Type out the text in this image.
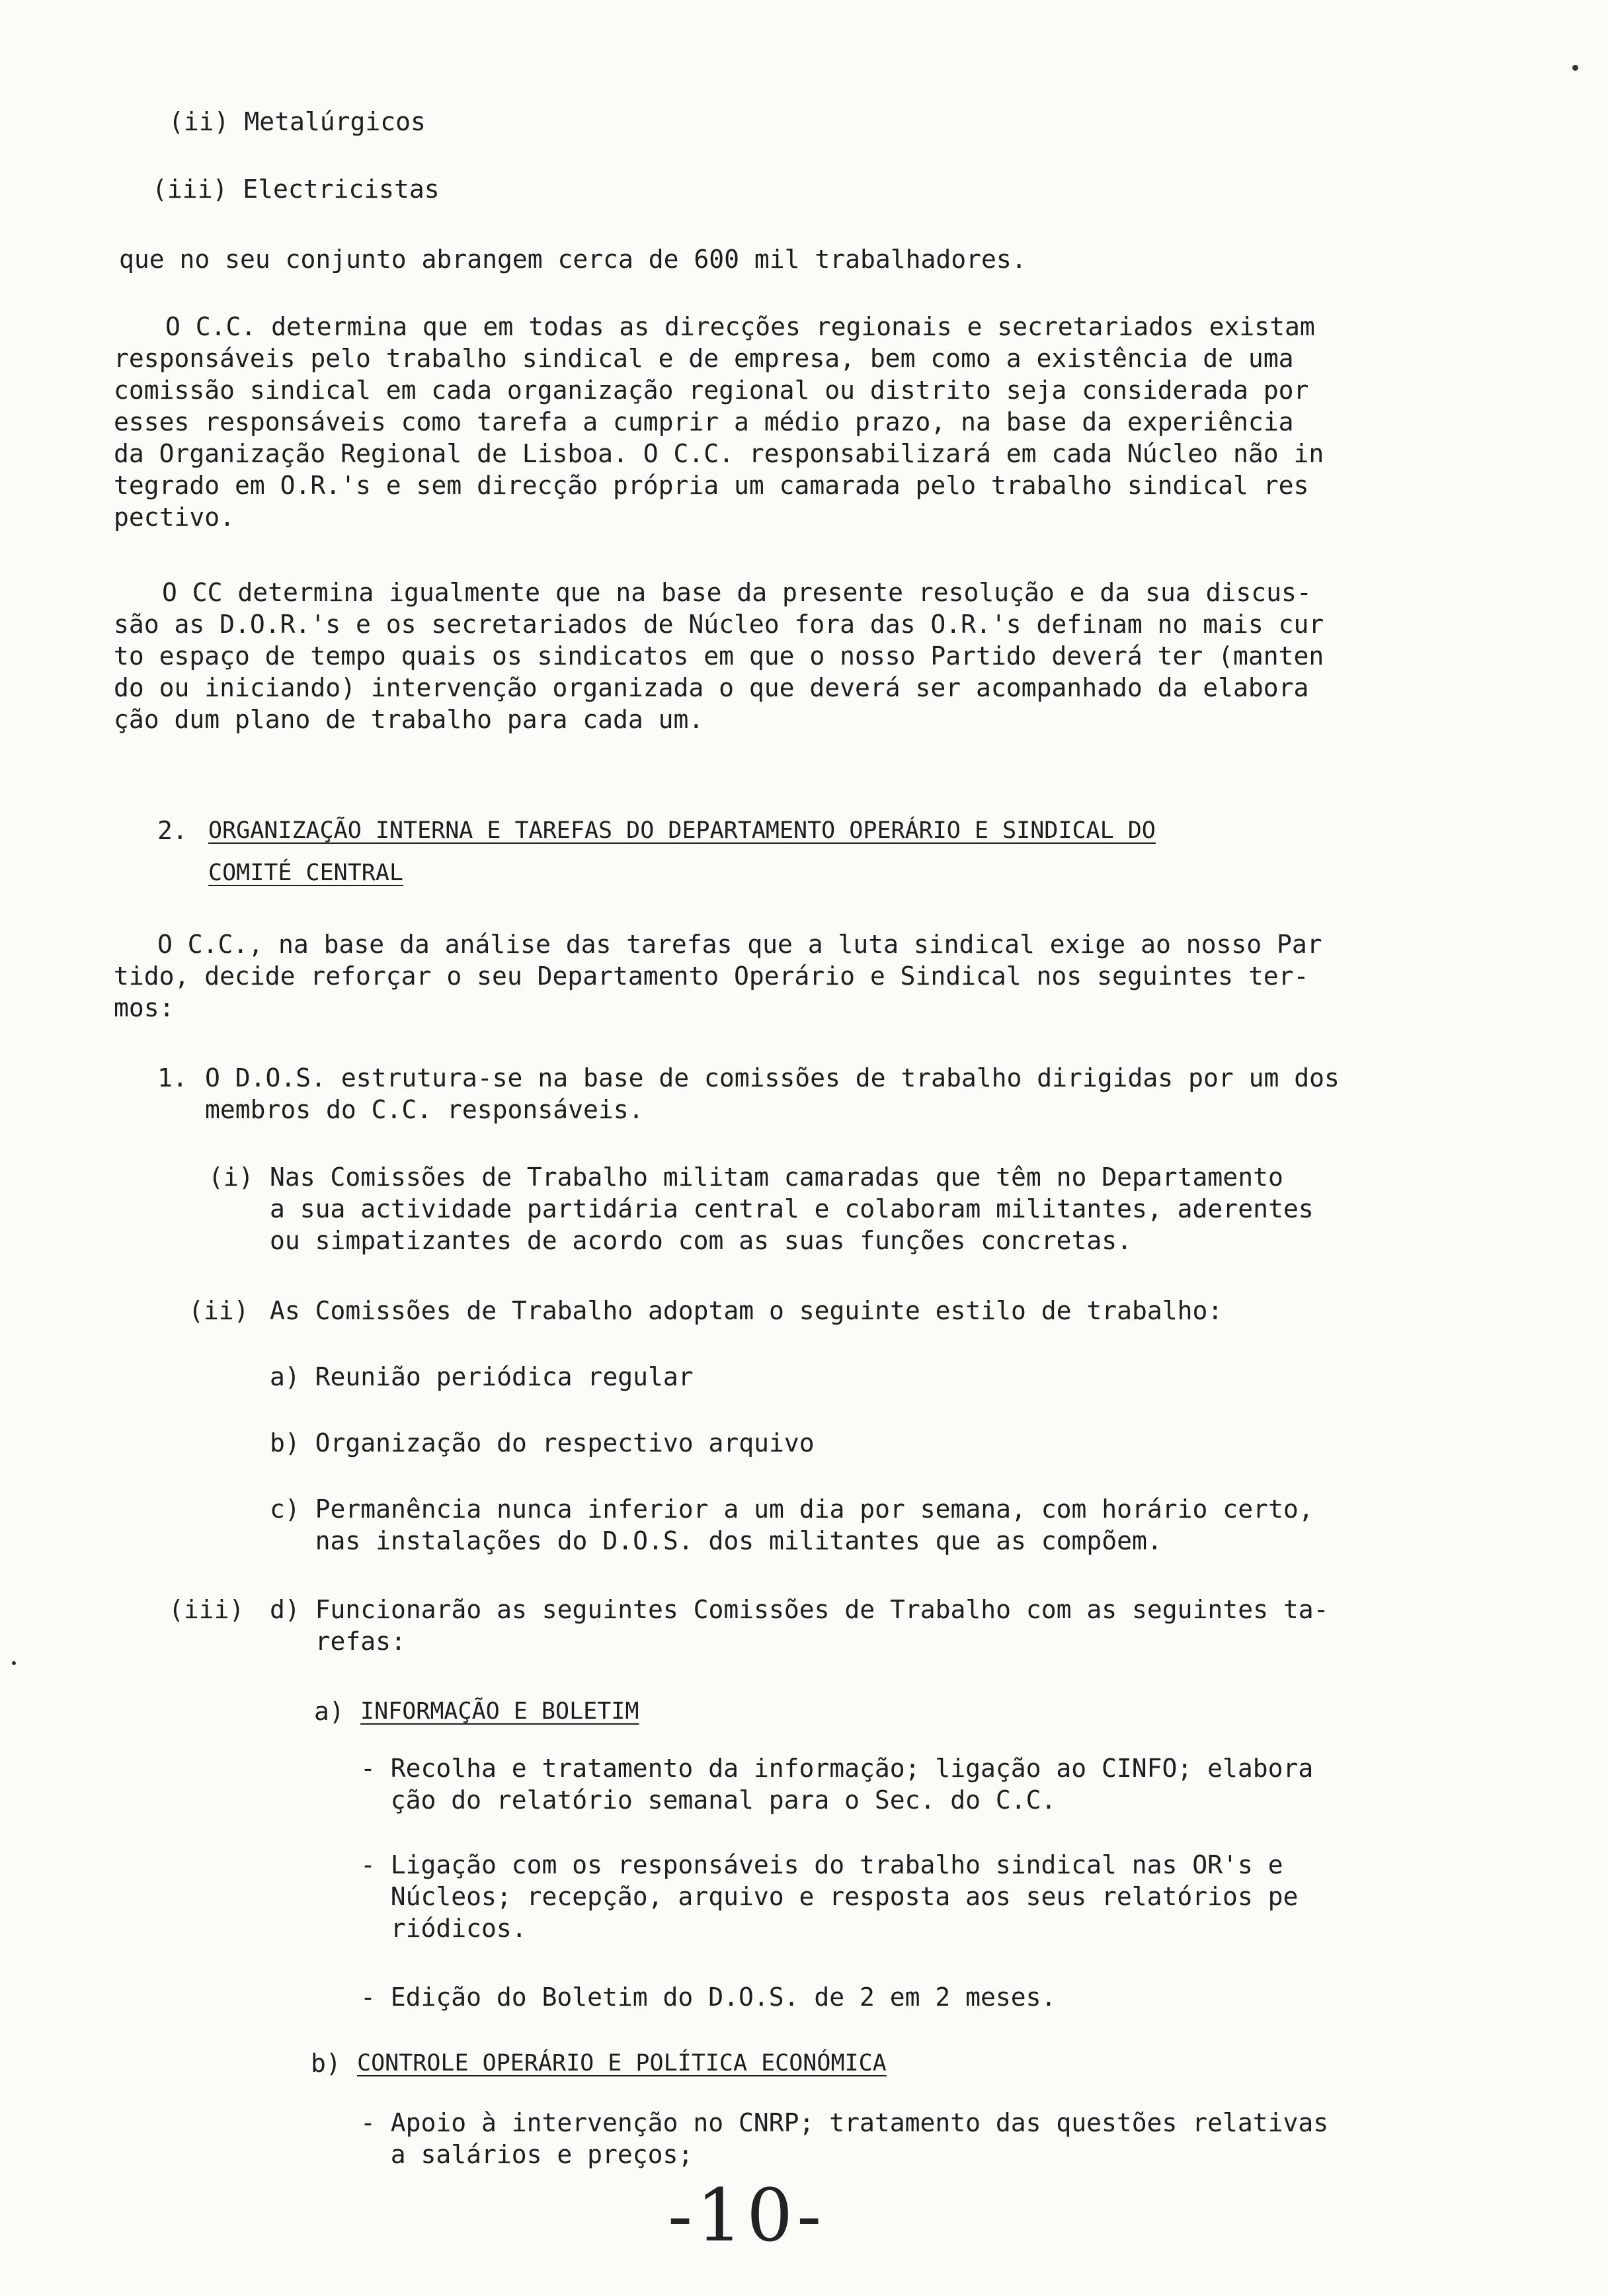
(ii) Metalúrgicos
(iii) Electricistas
que no seu conjunto abrangem cerca de 600 mil trabalhadores.
O C.C. determina que em todas as direcções regionais e secretariados existam
responsáveis pelo trabalho sindical e de empresa, bem como a existência de uma
comissão sindical em cada organização regional ou distrito seja considerada por
esses responsáveis como tarefa a cumprir a médio prazo, na base da experiência
da Organização Regional de Lisboa. O C.C. responsabilizará em cada Núcleo não in
tegrado em O.R.'s e sem direcção própria um camarada pelo trabalho sindical res
pectivo.
O CC determina igualmente que na base da presente resolução e da sua discus-
são as D.O.R.'s e os secretariados de Núcleo fora das O.R.'s definam no mais cur
to espaço de tempo quais os sindicatos em que o nosso Partido deverá ter (manten
do ou iniciando) intervenção organizada o que deverá ser acompanhado da elabora
ção dum plano de trabalho para cada um.
2. ORGANIZAÇÃO INTERNA E TAREFAS DO DEPARTAMENTO OPERÁRIO E SINDICAL DO
COMITÉ CENTRAL
O C.C., na base da análise das tarefas que a luta sindical exige ao nosso Par
tido, decide reforçar o seu Departamento Operário e Sindical nos seguintes ter-
mos:
1. O D.O.S. estrutura-se na base de comissões de trabalho dirigidas por um dos
membros do C.C. responsáveis.
(i) Nas Comissões de Trabalho militam camaradas que têm no Departamento
a sua actividade partidária central e colaboram militantes, aderentes
ou simpatizantes de acordo com as suas funções concretas.
(ii) As Comissões de Trabalho adoptam o seguinte estilo de trabalho:
a) Reunião periódica regular
b) Organização do respectivo arquivo
c) Permanência nunca inferior a um dia por semana, com horário certo,
nas instalações do D.O.S. dos militantes que as compõem.
(iii) d) Funcionarão as seguintes Comissões de Trabalho com as seguintes ta-
refas:
a) INFORMAÇÃO E BOLETIM
- Recolha e tratamento da informação; ligação ao CINFO; elabora
ção do relatório semanal para o Sec. do C.C.
- Ligação com os responsáveis do trabalho sindical nas OR's e
Núcleos; recepção, arquivo e resposta aos seus relatórios pe
riódicos.
- Edição do Boletim do D.O.S. de 2 em 2 meses.
b) CONTROLE OPERÁRIO E POLÍTICA ECONÓMICA
- Apoio à intervenção no CNRP; tratamento das questões relativas
a salários e preços;
-10-
